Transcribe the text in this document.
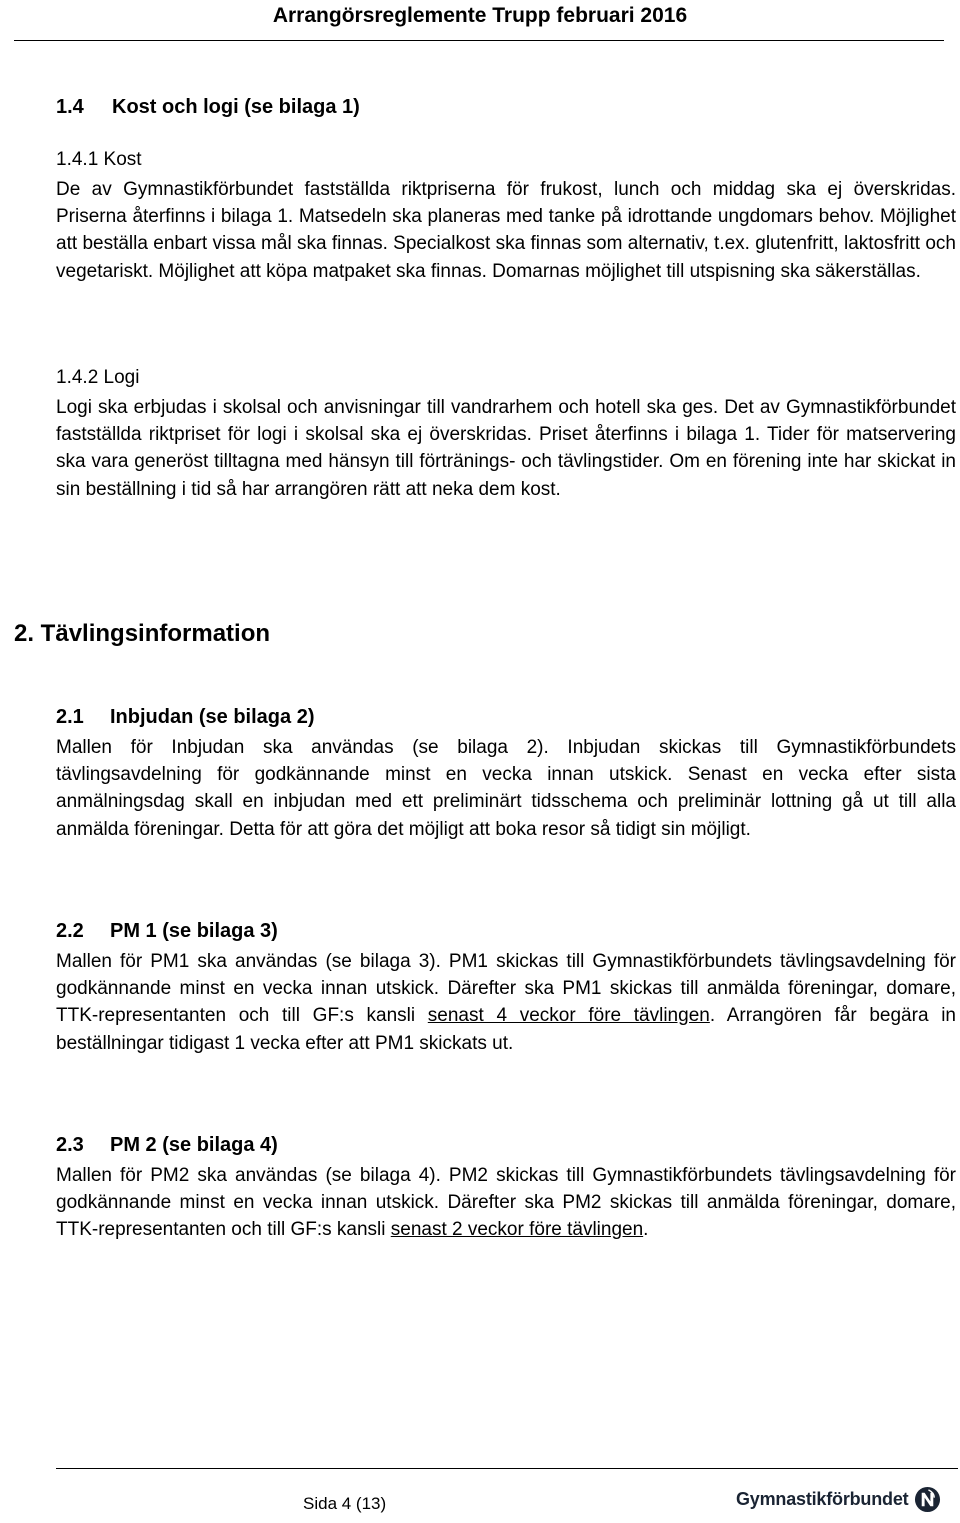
Arrangörsreglemente Trupp februari 2016
1.4 Kost och logi (se bilaga 1)
1.4.1 Kost
De av Gymnastikförbundet fastställda riktpriserna för frukost, lunch och middag ska ej överskridas. Priserna återfinns i bilaga 1. Matsedeln ska planeras med tanke på idrottande ungdomars behov. Möjlighet att beställa enbart vissa mål ska finnas. Specialkost ska finnas som alternativ, t.ex. glutenfritt, laktosfritt och vegetariskt. Möjlighet att köpa matpaket ska finnas. Domarnas möjlighet till utspisning ska säkerställas.
1.4.2 Logi
Logi ska erbjudas i skolsal och anvisningar till vandrarhem och hotell ska ges. Det av Gymnastikförbundet fastställda riktpriset för logi i skolsal ska ej överskridas. Priset återfinns i bilaga 1. Tider för matservering ska vara generöst tilltagna med hänsyn till förtränings- och tävlingstider. Om en förening inte har skickat in sin beställning i tid så har arrangören rätt att neka dem kost.
2. Tävlingsinformation
2.1 Inbjudan (se bilaga 2)
Mallen för Inbjudan ska användas (se bilaga 2). Inbjudan skickas till Gymnastikförbundets tävlingsavdelning för godkännande minst en vecka innan utskick. Senast en vecka efter sista anmälningsdag skall en inbjudan med ett preliminärt tidsschema och preliminär lottning gå ut till alla anmälda föreningar. Detta för att göra det möjligt att boka resor så tidigt sin möjligt.
2.2 PM 1 (se bilaga 3)
Mallen för PM1 ska användas (se bilaga 3). PM1 skickas till Gymnastikförbundets tävlingsavdelning för godkännande minst en vecka innan utskick. Därefter ska PM1 skickas till anmälda föreningar, domare, TTK-representanten och till GF:s kansli senast 4 veckor före tävlingen. Arrangören får begära in beställningar tidigast 1 vecka efter att PM1 skickats ut.
2.3 PM 2 (se bilaga 4)
Mallen för PM2 ska användas (se bilaga 4). PM2 skickas till Gymnastikförbundets tävlingsavdelning för godkännande minst en vecka innan utskick. Därefter ska PM2 skickas till anmälda föreningar, domare, TTK-representanten och till GF:s kansli senast 2 veckor före tävlingen.
Sida 4 (13)	Gymnastikförbundet
